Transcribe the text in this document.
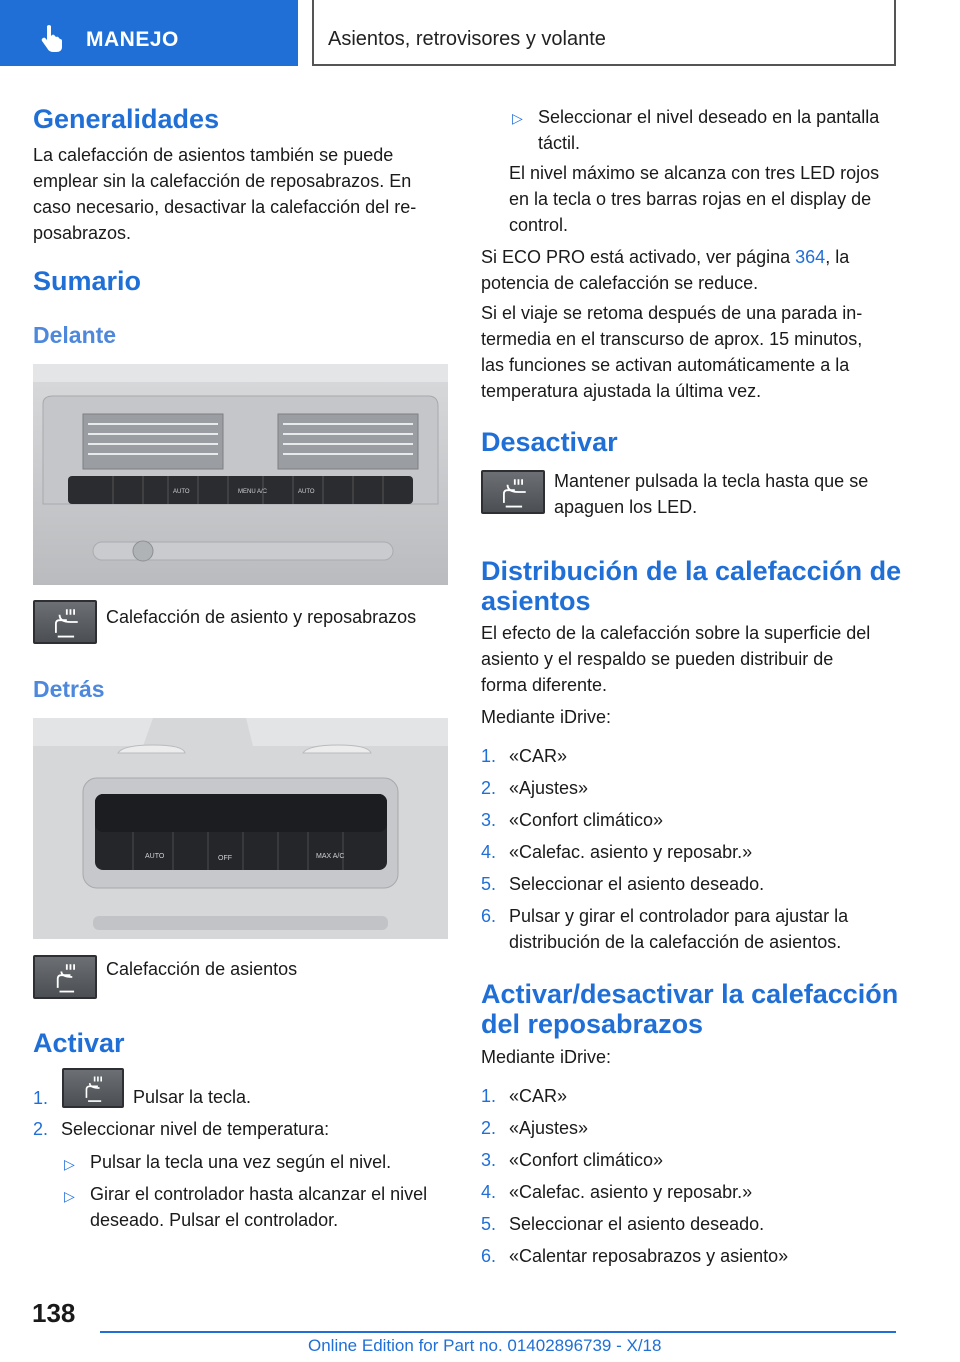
MANEJO	Asientos, retrovisores y volante
Generalidades
La calefacción de asientos también se puede
emplear sin la calefacción de reposabrazos. En
caso necesario, desactivar la calefacción del re‐
posabrazos.
Sumario
Delante
AUTO	MENU A/C	AUTO
Calefacción de asiento y reposabrazos
Detrás
AUTO	OFF	MAX A/C
Calefacción de asientos
Activar
1.	Pulsar la tecla.
2. Seleccionar nivel de temperatura:
▷ Pulsar la tecla una vez según el nivel.
▷ Girar el controlador hasta alcanzar el nivel
deseado. Pulsar el controlador.
▷ Seleccionar el nivel deseado en la pantalla
táctil.
El nivel máximo se alcanza con tres LED rojos
en la tecla o tres barras rojas en el display de
control.
Si ECO PRO está activado, ver página 364, la
potencia de calefacción se reduce.
Si el viaje se retoma después de una parada in‐
termedia en el transcurso de aprox. 15 minutos,
las funciones se activan automáticamente a la
temperatura ajustada la última vez.
Desactivar
Mantener pulsada la tecla hasta que se
apaguen los LED.
Distribución de la calefacción de
asientos
El efecto de la calefacción sobre la superficie del
asiento y el respaldo se pueden distribuir de
forma diferente.
Mediante iDrive:
1. «CAR»
2. «Ajustes»
3. «Confort climático»
4. «Calefac. asiento y reposabr.»
5. Seleccionar el asiento deseado.
6. Pulsar y girar el controlador para ajustar la
distribución de la calefacción de asientos.
Activar/desactivar la calefacción
del reposabrazos
Mediante iDrive:
1. «CAR»
2. «Ajustes»
3. «Confort climático»
4. «Calefac. asiento y reposabr.»
5. Seleccionar el asiento deseado.
6. «Calentar reposabrazos y asiento»
138
Online Edition for Part no. 01402896739 - X/18
